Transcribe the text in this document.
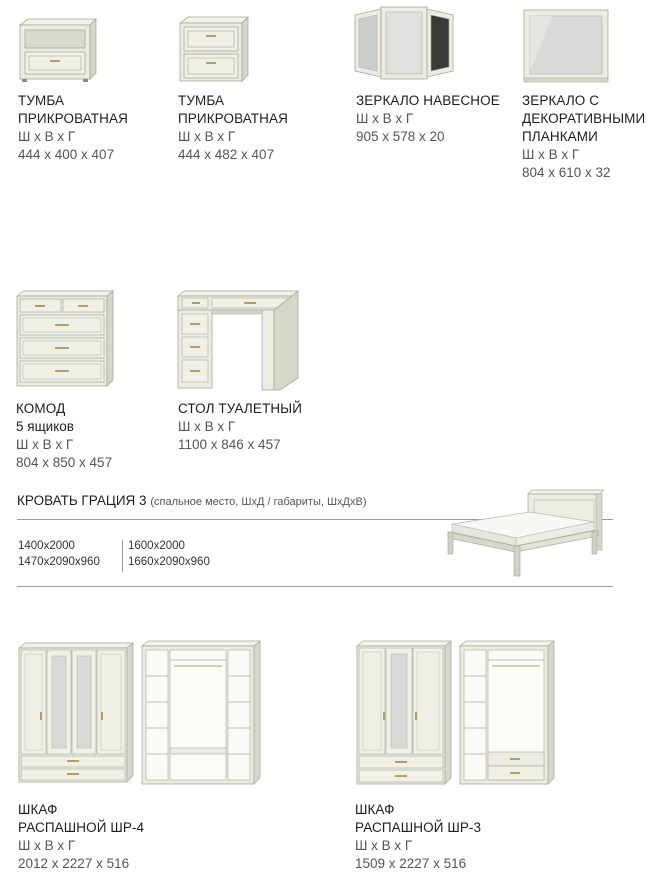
ТУМБА
ПРИКРОВАТНАЯ
Ш х В х Г
444 х 400 х 407
ТУМБА
ПРИКРОВАТНАЯ
Ш х В х Г
444 х 482 х 407
ЗЕРКАЛО НАВЕСНОЕ
Ш х В х Г
905 х 578 х 20
ЗЕРКАЛО С
ДЕКОРАТИВНЫМИ
ПЛАНКАМИ
Ш х В х Г
804 х 610 х 32
КОМОД
5 ящиков
Ш х В х Г
804 х 850 х 457
СТОЛ ТУАЛЕТНЫЙ
Ш х В х Г
1100 х 846 х 457
КРОВАТЬ ГРАЦИЯ 3 (спальное место, ШхД / габариты, ШхДхВ)
1400х2000
1470х2090х960
1600х2000
1660х2090х960
ШКАФ
РАСПАШНОЙ ШР-4
Ш х В х Г
2012 х 2227 х 516
ШКАФ
РАСПАШНОЙ ШР-3
Ш х В х Г
1509 х 2227 х 516
